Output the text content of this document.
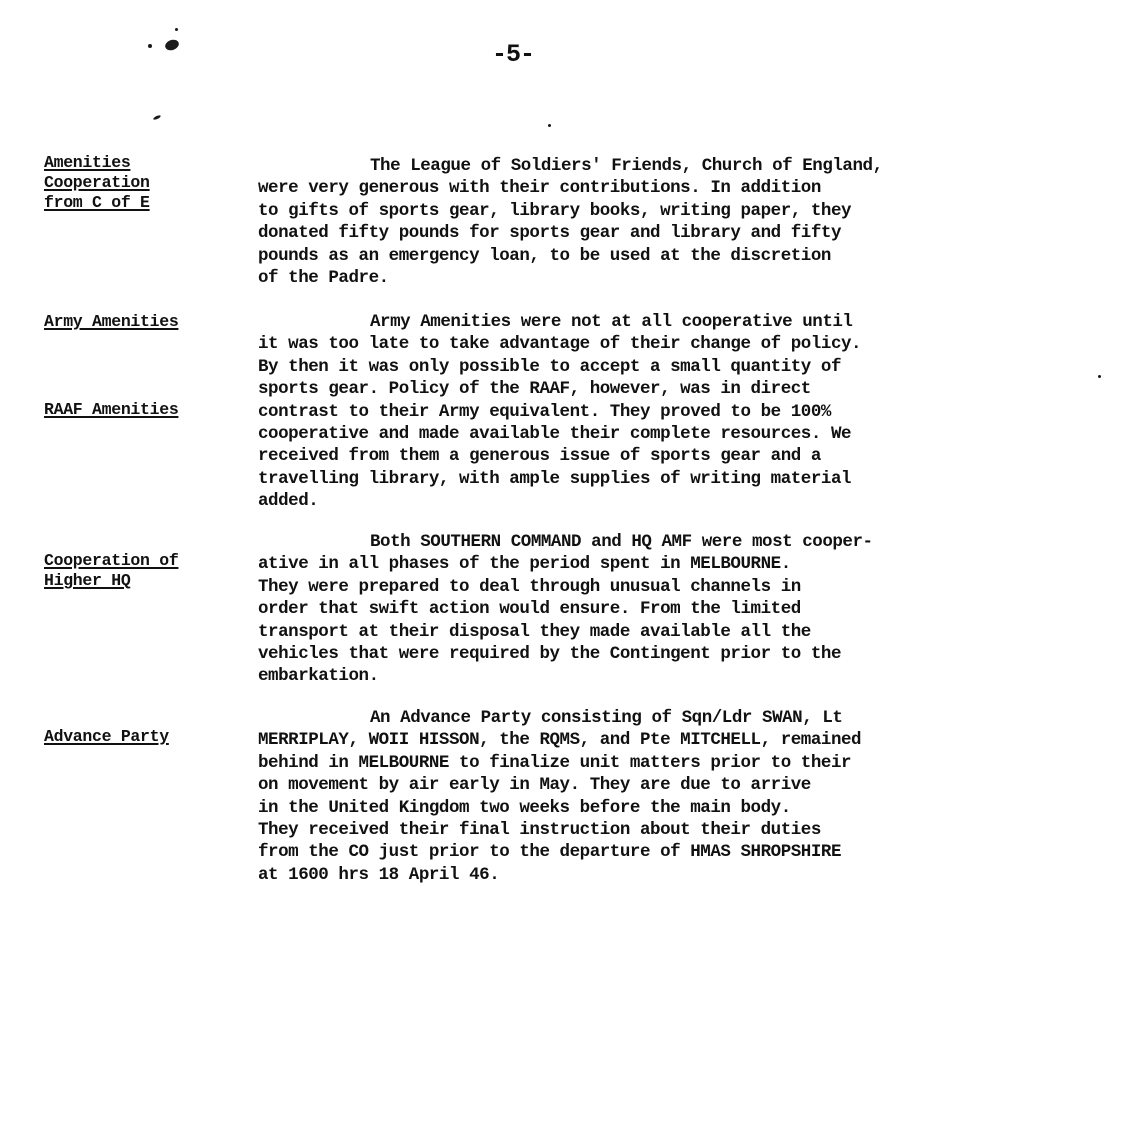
-5-
Amenities
Cooperation
from C of E
Army Amenities
RAAF Amenities
Cooperation of
Higher HQ
Advance Party
The League of Soldiers' Friends, Church of England,
were very generous with their contributions. In addition
to gifts of sports gear, library books, writing paper, they
donated fifty pounds for sports gear and library and fifty
pounds as an emergency loan, to be used at the discretion
of the Padre.
Army Amenities were not at all cooperative until
it was too late to take advantage of their change of policy.
By then it was only possible to accept a small quantity of
sports gear. Policy of the RAAF, however, was in direct
contrast to their Army equivalent. They proved to be 100%
cooperative and made available their complete resources. We
received from them a generous issue of sports gear and a
travelling library, with ample supplies of writing material
added.
Both SOUTHERN COMMAND and HQ AMF were most cooper-
ative in all phases of the period spent in MELBOURNE.
They were prepared to deal through unusual channels in
order that swift action would ensure. From the limited
transport at their disposal they made available all the
vehicles that were required by the Contingent prior to the
embarkation.
An Advance Party consisting of Sqn/Ldr SWAN, Lt
MERRIPLAY, WOII HISSON, the RQMS, and Pte MITCHELL, remained
behind in MELBOURNE to finalize unit matters prior to their
on movement by air early in May. They are due to arrive
in the United Kingdom two weeks before the main body.
They received their final instruction about their duties
from the CO just prior to the departure of HMAS SHROPSHIRE
at 1600 hrs 18 April 46.
